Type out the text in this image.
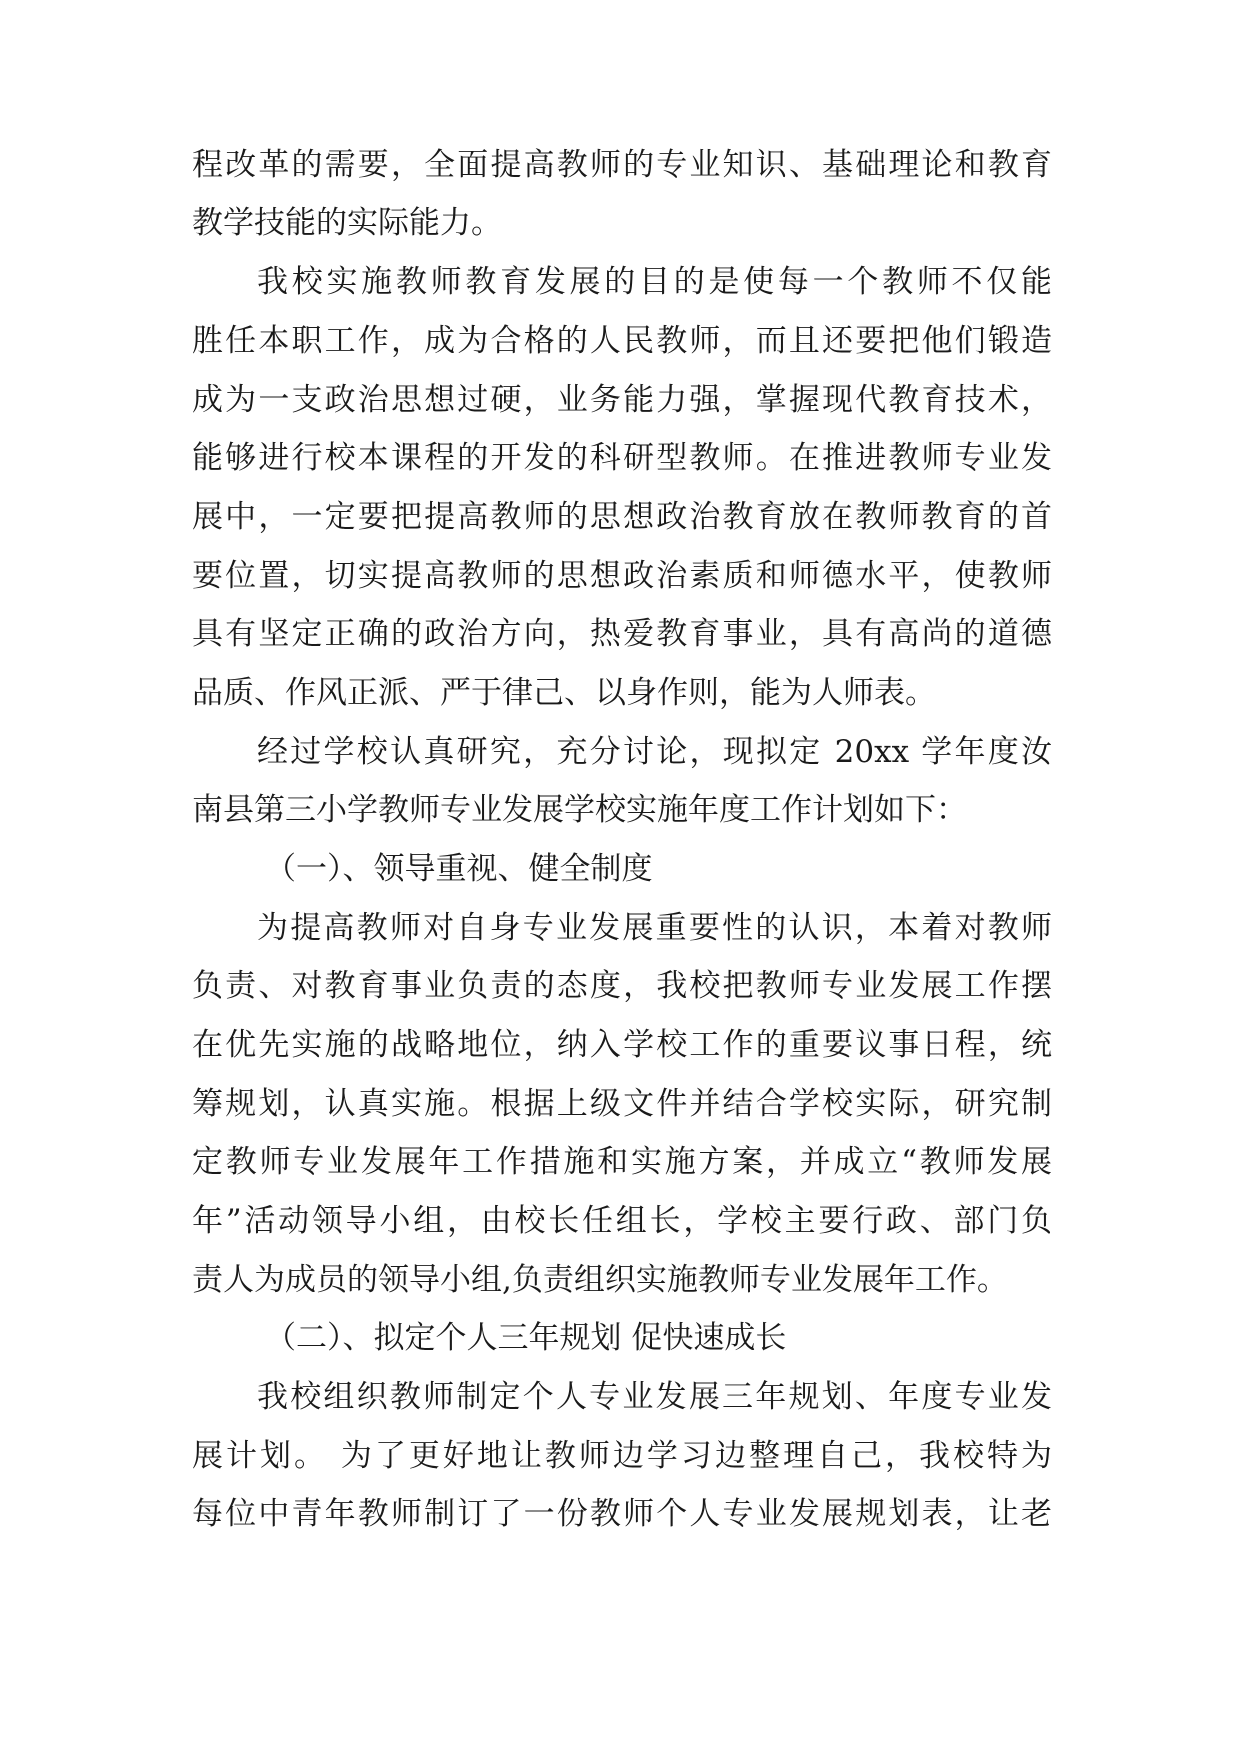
程改革的需要，全面提高教师的专业知识、基础理论和教育
教学技能的实际能力。
我校实施教师教育发展的目的是使每一个教师不仅能
胜任本职工作，成为合格的人民教师，而且还要把他们锻造
成为一支政治思想过硬，业务能力强，掌握现代教育技术，
能够进行校本课程的开发的科研型教师。在推进教师专业发
展中，一定要把提高教师的思想政治教育放在教师教育的首
要位置，切实提高教师的思想政治素质和师德水平，使教师
具有坚定正确的政治方向，热爱教育事业，具有高尚的道德
品质、作风正派、严于律己、以身作则，能为人师表。
经过学校认真研究，充分讨论，现拟定 20xx 学年度汝
南县第三小学教师专业发展学校实施年度工作计划如下：
（一）、领导重视、健全制度
为提高教师对自身专业发展重要性的认识，本着对教师
负责、对教育事业负责的态度，我校把教师专业发展工作摆
在优先实施的战略地位，纳入学校工作的重要议事日程，统
筹规划，认真实施。根据上级文件并结合学校实际，研究制
定教师专业发展年工作措施和实施方案，并成立“教师发展
年”活动领导小组，由校长任组长，学校主要行政、部门负
责人为成员的领导小组,负责组织实施教师专业发展年工作。
（二）、拟定个人三年规划 促快速成长
我校组织教师制定个人专业发展三年规划、年度专业发
展计划。 为了更好地让教师边学习边整理自己，我校特为
每位中青年教师制订了一份教师个人专业发展规划表，让老
